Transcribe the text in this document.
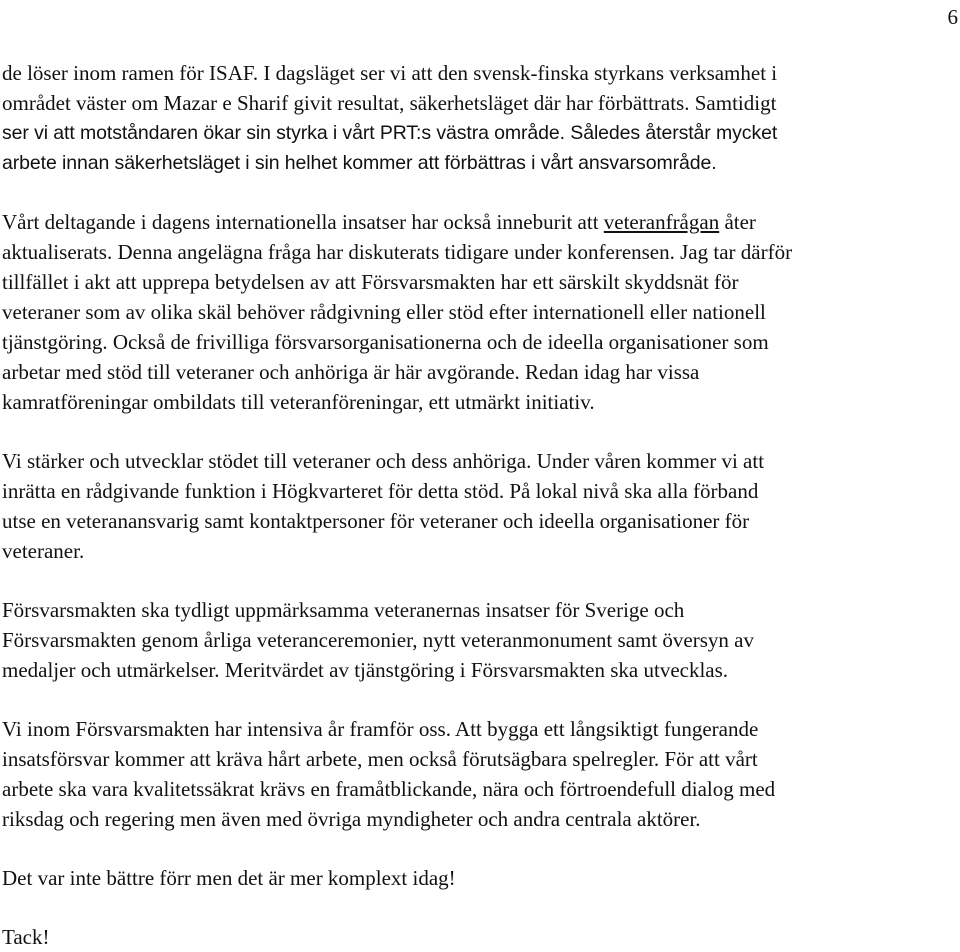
6
de löser inom ramen för ISAF. I dagsläget ser vi att den svensk-finska styrkans verksamhet i
området väster om Mazar e Sharif givit resultat, säkerhetsläget där har förbättrats. Samtidigt
ser vi att motståndaren ökar sin styrka i vårt PRT:s västra område. Således återstår mycket
arbete innan säkerhetsläget i sin helhet kommer att förbättras i vårt ansvarsområde.
Vårt deltagande i dagens internationella insatser har också inneburit att veteranfrågan åter
aktualiserats. Denna angelägna fråga har diskuterats tidigare under konferensen. Jag tar därför
tillfället i akt att upprepa betydelsen av att Försvarsmakten har ett särskilt skyddsnät för
veteraner som av olika skäl behöver rådgivning eller stöd efter internationell eller nationell
tjänstgöring. Också de frivilliga försvarsorganisationerna och de ideella organisationer som
arbetar med stöd till veteraner och anhöriga är här avgörande. Redan idag har vissa
kamratföreningar ombildats till veteranföreningar, ett utmärkt initiativ.
Vi stärker och utvecklar stödet till veteraner och dess anhöriga. Under våren kommer vi att
inrätta en rådgivande funktion i Högkvarteret för detta stöd. På lokal nivå ska alla förband
utse en veteranansvarig samt kontaktpersoner för veteraner och ideella organisationer för
veteraner.
Försvarsmakten ska tydligt uppmärksamma veteranernas insatser för Sverige och
Försvarsmakten genom årliga veteranceremonier, nytt veteranmonument samt översyn av
medaljer och utmärkelser. Meritvärdet av tjänstgöring i Försvarsmakten ska utvecklas.
Vi inom Försvarsmakten har intensiva år framför oss. Att bygga ett långsiktigt fungerande
insatsförsvar kommer att kräva hårt arbete, men också förutsägbara spelregler. För att vårt
arbete ska vara kvalitetssäkrat krävs en framåtblickande, nära och förtroendefull dialog med
riksdag och regering men även med övriga myndigheter och andra centrala aktörer.
Det var inte bättre förr men det är mer komplext idag!
Tack!
